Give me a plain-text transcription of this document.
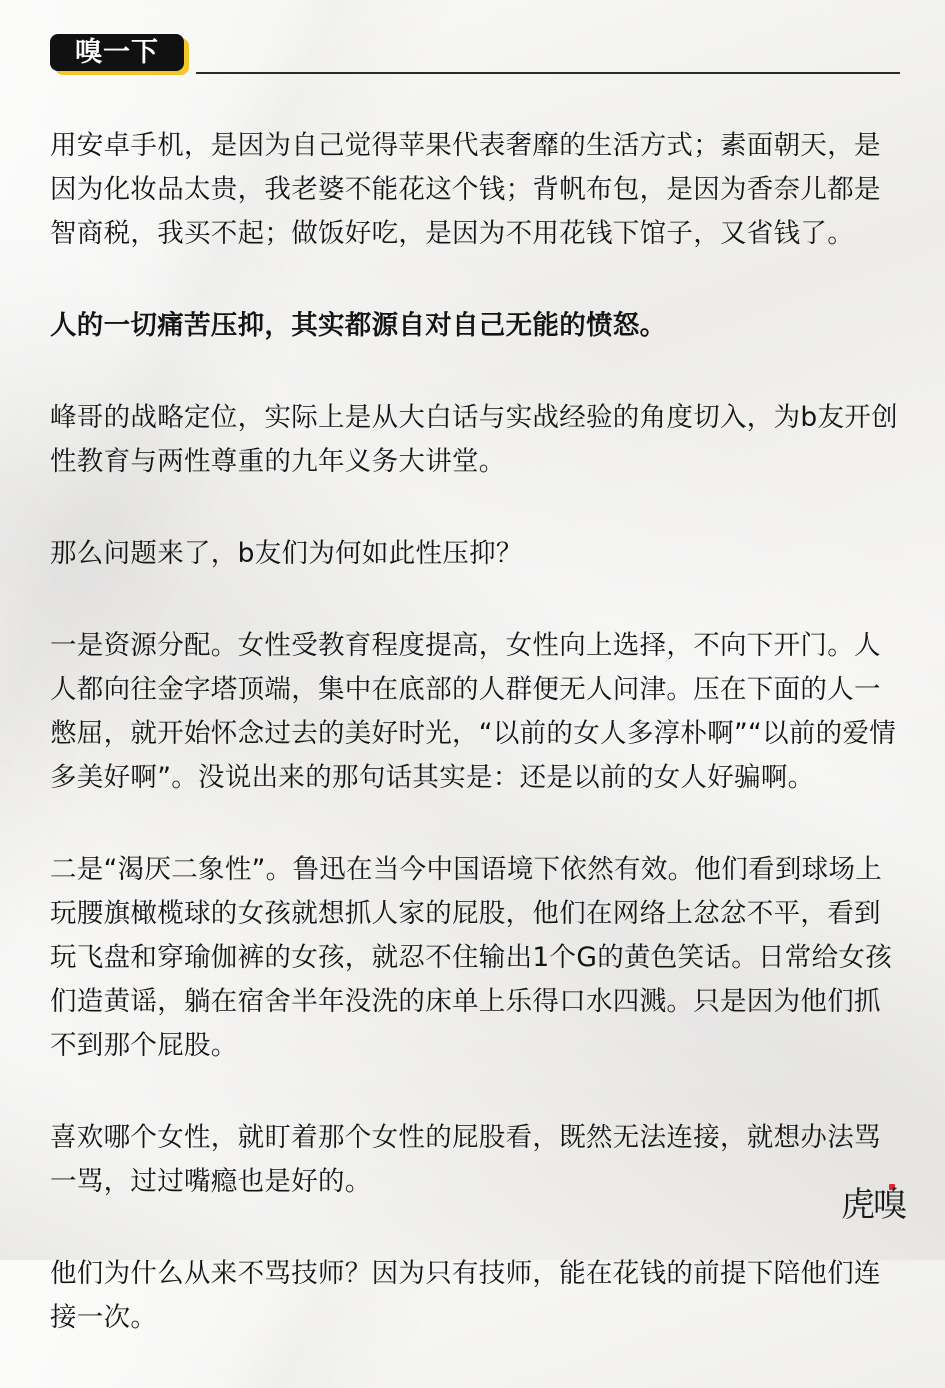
嗅一下

用安卓手机，是因为自己觉得苹果代表奢靡的生活方式；素面朝天，是因为化妆品太贵，我老婆不能花这个钱；背帆布包，是因为香奈儿都是智商税，我买不起；做饭好吃，是因为不用花钱下馆子，又省钱了。

人的一切痛苦压抑，其实都源自对自己无能的愤怒。

峰哥的战略定位，实际上是从大白话与实战经验的角度切入，为b友开创性教育与两性尊重的九年义务大讲堂。

那么问题来了，b友们为何如此性压抑？

一是资源分配。女性受教育程度提高，女性向上选择，不向下开门。人人都向往金字塔顶端，集中在底部的人群便无人问津。压在下面的人一憋屈，就开始怀念过去的美好时光，“以前的女人多淳朴啊”“以前的爱情多美好啊”。没说出来的那句话其实是：还是以前的女人好骗啊。

二是“渴厌二象性”。鲁迅在当今中国语境下依然有效。他们看到球场上玩腰旗橄榄球的女孩就想抓人家的屁股，他们在网络上忿忿不平，看到玩飞盘和穿瑜伽裤的女孩，就忍不住输出1个G的黄色笑话。日常给女孩们造黄谣，躺在宿舍半年没洗的床单上乐得口水四溅。只是因为他们抓不到那个屁股。

喜欢哪个女性，就盯着那个女性的屁股看，既然无法连接，就想办法骂一骂，过过嘴瘾也是好的。

他们为什么从来不骂技师？因为只有技师，能在花钱的前提下陪他们连接一次。

虎嗅
